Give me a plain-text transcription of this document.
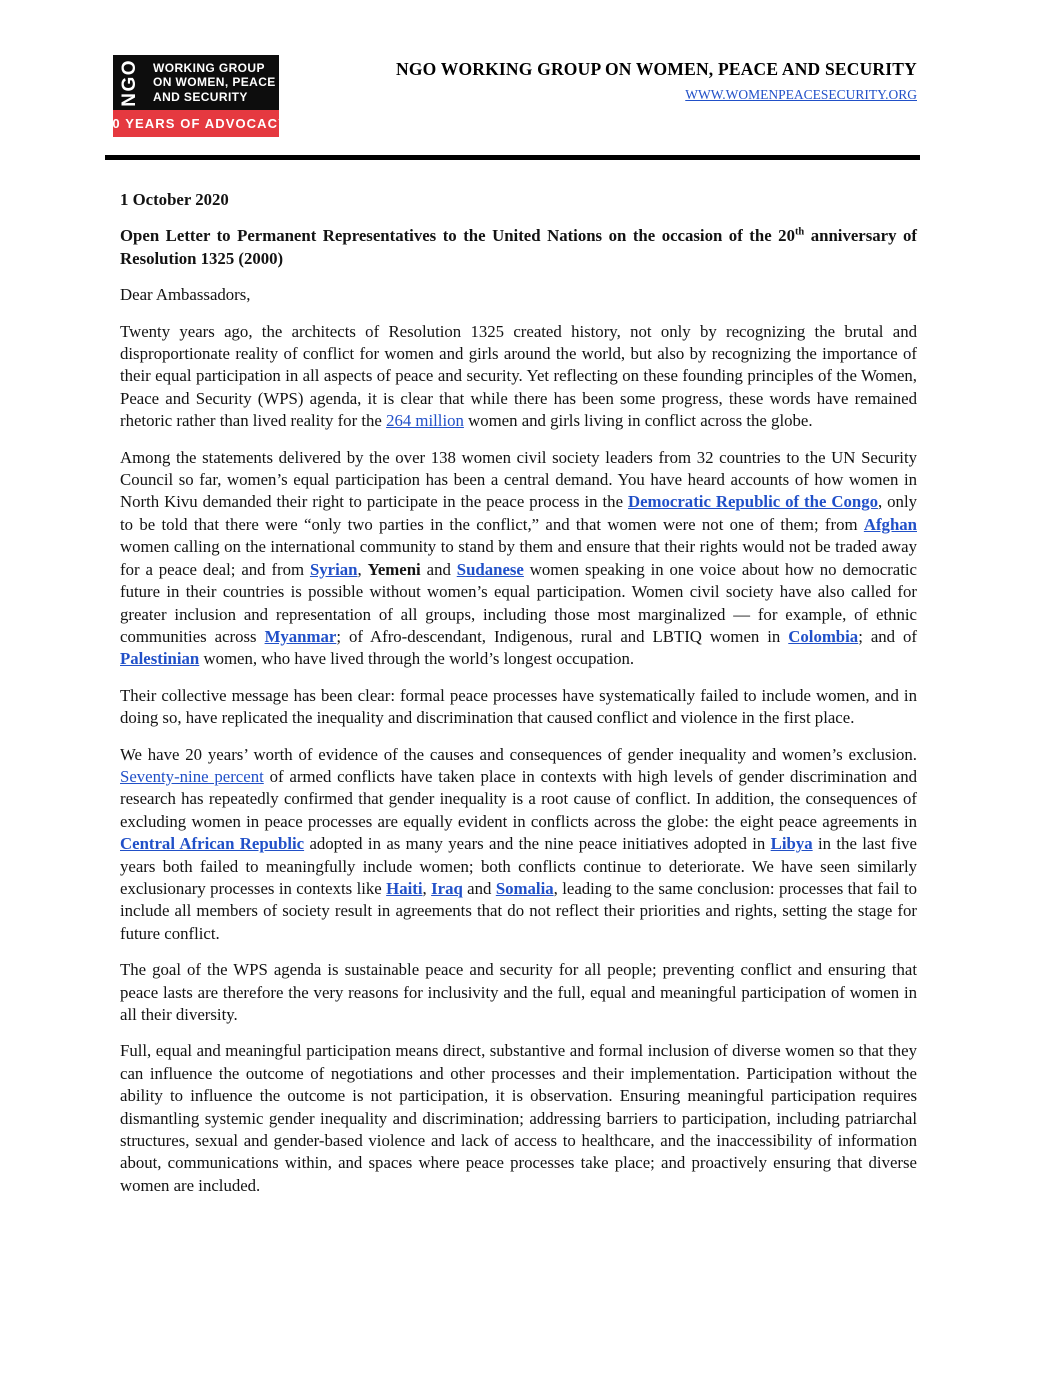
NGO WORKING GROUP
ON WOMEN, PEACE
AND SECURITY
20 YEARS OF ADVOCACY
NGO WORKING GROUP ON WOMEN, PEACE AND SECURITY
WWW.WOMENPEACESECURITY.ORG

1 October 2020

Open Letter to Permanent Representatives to the United Nations on the occasion of the 20th anniversary of Resolution 1325 (2000)

Dear Ambassadors,

Twenty years ago, the architects of Resolution 1325 created history, not only by recognizing the brutal and disproportionate reality of conflict for women and girls around the world, but also by recognizing the importance of their equal participation in all aspects of peace and security. Yet reflecting on these founding principles of the Women, Peace and Security (WPS) agenda, it is clear that while there has been some progress, these words have remained rhetoric rather than lived reality for the 264 million women and girls living in conflict across the globe.

Among the statements delivered by the over 138 women civil society leaders from 32 countries to the UN Security Council so far, women’s equal participation has been a central demand. You have heard accounts of how women in North Kivu demanded their right to participate in the peace process in the Democratic Republic of the Congo, only to be told that there were “only two parties in the conflict,” and that women were not one of them; from Afghan women calling on the international community to stand by them and ensure that their rights would not be traded away for a peace deal; and from Syrian, Yemeni and Sudanese women speaking in one voice about how no democratic future in their countries is possible without women’s equal participation. Women civil society have also called for greater inclusion and representation of all groups, including those most marginalized — for example, of ethnic communities across Myanmar; of Afro-descendant, Indigenous, rural and LBTIQ women in Colombia; and of Palestinian women, who have lived through the world’s longest occupation.

Their collective message has been clear: formal peace processes have systematically failed to include women, and in doing so, have replicated the inequality and discrimination that caused conflict and violence in the first place.

We have 20 years’ worth of evidence of the causes and consequences of gender inequality and women’s exclusion. Seventy-nine percent of armed conflicts have taken place in contexts with high levels of gender discrimination and research has repeatedly confirmed that gender inequality is a root cause of conflict. In addition, the consequences of excluding women in peace processes are equally evident in conflicts across the globe: the eight peace agreements in Central African Republic adopted in as many years and the nine peace initiatives adopted in Libya in the last five years both failed to meaningfully include women; both conflicts continue to deteriorate. We have seen similarly exclusionary processes in contexts like Haiti, Iraq and Somalia, leading to the same conclusion: processes that fail to include all members of society result in agreements that do not reflect their priorities and rights, setting the stage for future conflict.

The goal of the WPS agenda is sustainable peace and security for all people; preventing conflict and ensuring that peace lasts are therefore the very reasons for inclusivity and the full, equal and meaningful participation of women in all their diversity.

Full, equal and meaningful participation means direct, substantive and formal inclusion of diverse women so that they can influence the outcome of negotiations and other processes and their implementation. Participation without the ability to influence the outcome is not participation, it is observation. Ensuring meaningful participation requires dismantling systemic gender inequality and discrimination; addressing barriers to participation, including patriarchal structures, sexual and gender-based violence and lack of access to healthcare, and the inaccessibility of information about, communications within, and spaces where peace processes take place; and proactively ensuring that diverse women are included.
